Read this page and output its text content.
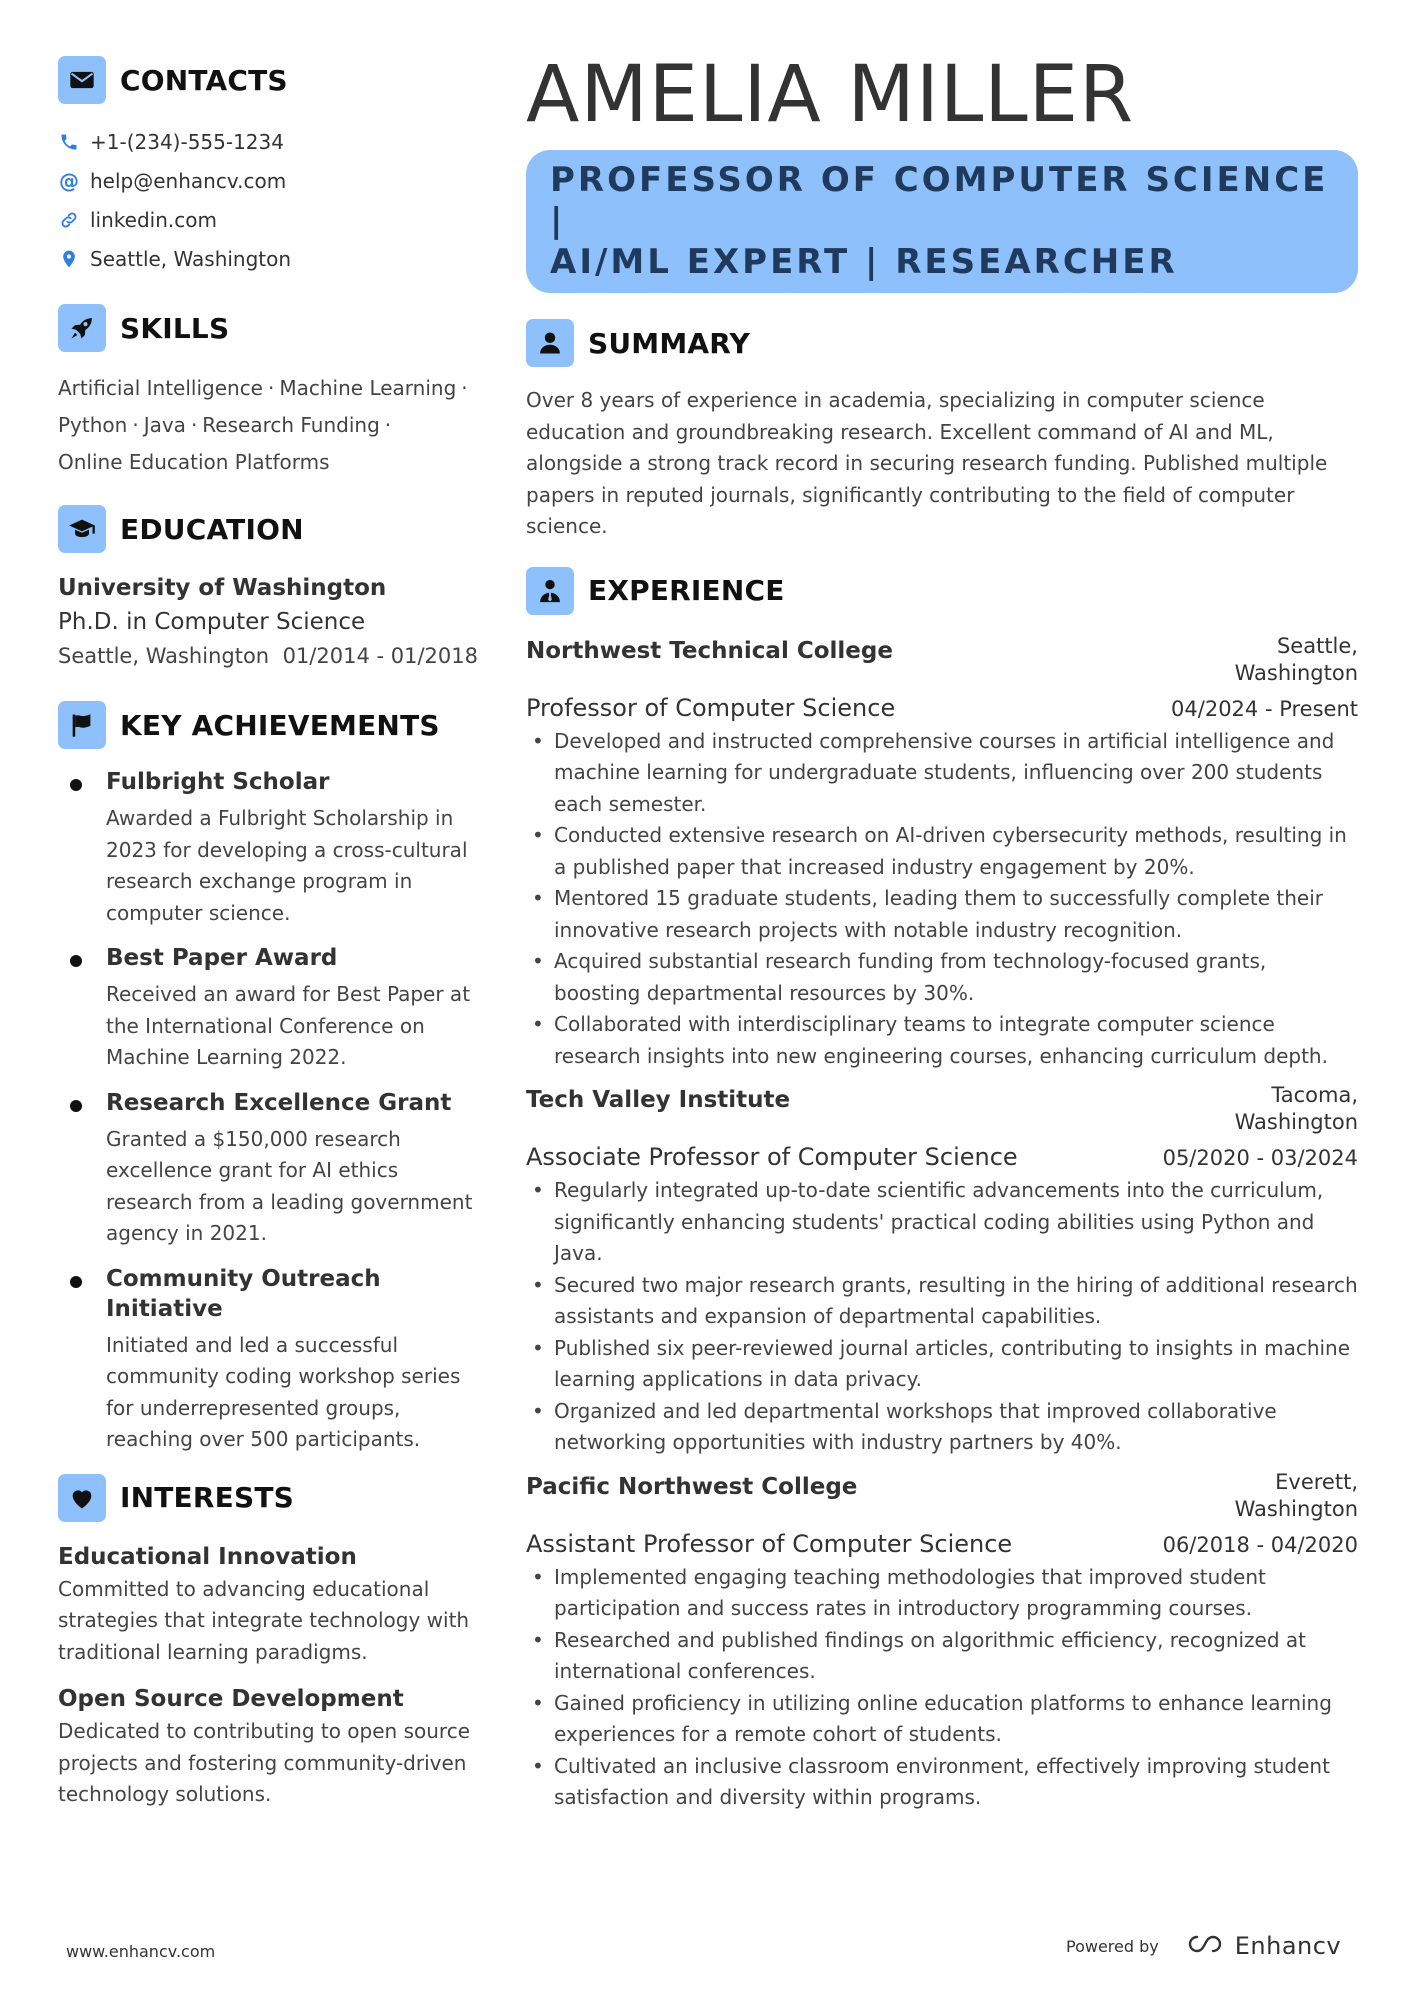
CONTACTS
+1-(234)-555-1234
@ help@enhancv.com
linkedin.com
Seattle, Washington
SKILLS
Artificial Intelligence · Machine Learning ·
Python · Java · Research Funding ·
Online Education Platforms
EDUCATION
University of Washington
Ph.D. in Computer Science
Seattle, Washington 01/2014 - 01/2018
KEY ACHIEVEMENTS
Fulbright Scholar
Awarded a Fulbright Scholarship in 2023 for developing a cross-cultural research exchange program in computer science.
Best Paper Award
Received an award for Best Paper at the International Conference on Machine Learning 2022.
Research Excellence Grant
Granted a $150,000 research excellence grant for AI ethics research from a leading government agency in 2021.
Community Outreach Initiative
Initiated and led a successful community coding workshop series for underrepresented groups, reaching over 500 participants.
INTERESTS
Educational Innovation
Committed to advancing educational strategies that integrate technology with traditional learning paradigms.
Open Source Development
Dedicated to contributing to open source projects and fostering community-driven technology solutions.
AMELIA MILLER
PROFESSOR OF COMPUTER SCIENCE |
AI/ML EXPERT | RESEARCHER
SUMMARY
Over 8 years of experience in academia, specializing in computer science education and groundbreaking research. Excellent command of AI and ML, alongside a strong track record in securing research funding. Published multiple papers in reputed journals, significantly contributing to the field of computer science.
EXPERIENCE
Northwest Technical College	Seattle,
Washington
Professor of Computer Science	04/2024 - Present
• Developed and instructed comprehensive courses in artificial intelligence and machine learning for undergraduate students, influencing over 200 students each semester.
• Conducted extensive research on AI-driven cybersecurity methods, resulting in a published paper that increased industry engagement by 20%.
• Mentored 15 graduate students, leading them to successfully complete their innovative research projects with notable industry recognition.
• Acquired substantial research funding from technology-focused grants, boosting departmental resources by 30%.
• Collaborated with interdisciplinary teams to integrate computer science research insights into new engineering courses, enhancing curriculum depth.
Tech Valley Institute	Tacoma,
Washington
Associate Professor of Computer Science	05/2020 - 03/2024
• Regularly integrated up-to-date scientific advancements into the curriculum, significantly enhancing students' practical coding abilities using Python and Java.
• Secured two major research grants, resulting in the hiring of additional research assistants and expansion of departmental capabilities.
• Published six peer-reviewed journal articles, contributing to insights in machine learning applications in data privacy.
• Organized and led departmental workshops that improved collaborative networking opportunities with industry partners by 40%.
Pacific Northwest College	Everett,
Washington
Assistant Professor of Computer Science	06/2018 - 04/2020
• Implemented engaging teaching methodologies that improved student participation and success rates in introductory programming courses.
• Researched and published findings on algorithmic efficiency, recognized at international conferences.
• Gained proficiency in utilizing online education platforms to enhance learning experiences for a remote cohort of students.
• Cultivated an inclusive classroom environment, effectively improving student satisfaction and diversity within programs.
www.enhancv.com	Powered by	Enhancv
